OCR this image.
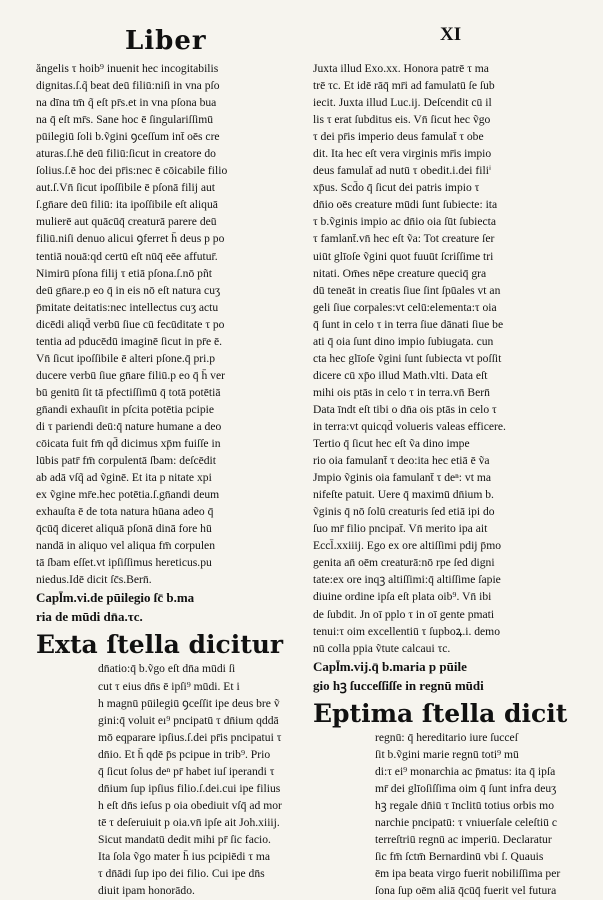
Liber	XI
ăngelis τ hoib⁹ inuenit hec incogitabilis
dignitas.ſ.q̃ beat deū filiū:niſi in vna pſo
na dīna tm̄ q̃ eſt pr̄s.et in vna pſona bua
na q̄ eſt mr̄s. Sane hoc ē ſingulariſſimū
pūilegiū ſoli b.ṽgini ꝯceſſum int̄ oēs cre
aturas.ſ.hē deū filiū:ſicut in creatore do
ſolius.ſ.ē hoc dei pr̄is:nec ē cōicabile filio
aut.ſ.Vn̄ ſicut ipoſſibile ē pſonā filij aut
ſ.gn̄are deū filiū: ita ipoſſibile eſt aliquā
mulierē aut quācūq̄ creaturā parere deū
filiū.niſi denuo alicui ꝯferret h̄ deus p po
tentiā nouā:qd certū eſt nūq̄ eēe affutur̄.
Nimirū pſona filij τ etiā pſona.ſ.nō pñt
deū gn̄are.p eo q̄ in eis nō eſt natura cuʒ
p̄mitate deitatis:nec intellectus cuʒ actu
dicēdi aliqd̄ verbū ſiue cū fecūditate τ po
tentia ad pducēdū imaginē ſicut in pr̄e ē.
Vn̄ ſicut ipoſſibile ē alteri pſone.q̄ pri.p
ducere verbū ſiue gn̄are filiū.p eo q̄ h̄ ver
bū genitū ſit tā pfectiſſimū q̄ totā potētiā
gn̄andi exhauſit in pſcita potētia pcipie
di τ pariendi deū:q̄ nature humane a deo
cōicata fuit fm̄ qd̄ dicimus xp̄m fuiſſe in
lūbis patr̄ fm̄ corpulentā ſbam: deſcēdit
ab adā vſq̃ ad ṽginē. Et ita p nitate xpi
ex ṽgine mr̄e.hec potētia.ſ.gn̄andi deum
exhauſta ē de tota natura hūana adeo q̄
q̄cūq̄ diceret aliquā pſonā dinā fore hū
nandā in aliquo vel aliqua fm̄ corpulen
tā ſbam eſſet.vt ipſiſſimus hereticus.pu
niedus.Idē dicit ſc̄s.Bern̄.
Capl̄m.vi.de pūilegio ſc̄ b.ma
ria de mūdi dn̄a.τc.
Exta ſtella dicitur
dn̄atio:q̄ b.ṽgo eſt dn̄a mūdi ſi
cut τ eius dn̄s ē ipſi⁹ mūdi. Et i
h magnū pūilegiū ꝯceſſit ipe deus bre ṽ
gini:q̄ voluit eı⁹ pncipatū τ dn̄ium qddā
mō eqparare ipſius.ſ.dei pr̄is pncipatui τ
dn̄io. Et h̄ qdē p̄s pcipue in trib⁹. Prio
q̄ ſicut ſolus deⁿ pr̄ habet iuſ iperandi τ
dn̄ium ſup ipſius filio.ſ.dei.cui ipe filius
h eſt dn̄s ieſus p oia obediuit vſq̄ ad mor
tē τ deſeruiuit p oia.vn̄ ipſe ait Joh.xiiij.
Sicut mandatū dedit mihi pr̄ ſic facio.
Ita ſola ṽgo mater h̄ ius pcipiēdi τ ma
τ dn̄ādi ſup ipo dei filio. Cui ipe dn̄s
diuit ipam honorādo.
Juxta illud Exo.xx. Honora patrē τ ma
trē τc. Et idē rāq̄ mr̄i ad famulatū ſe ſub
iecit. Juxta illud Luc.ij. Deſcendit cū il
lis τ erat ſubditus eis. Vn̄ ſicut hec ṽgo
τ dei pr̄is imperio deus famulat̄ τ obe
dit. Ita hec eſt vera virginis mr̄is impio
deus famulat̄ ad nutū τ obedit.i.dei filiⁱ
xp̄us. Scd̄o q̄ ſicut dei patris impio τ
dn̄io oēs creature mūdi ſunt ſubiecte: ita
τ b.ṽginis impio ac dn̄io oia ſūt ſubiecta
τ famlant̄.vn̄ hec eſt ṽa: Tot creature ſer
uiūt glīoſe ṽgini quot fuuūt ſcriſſime tri
nitati. Om̄es nēpe creature queciq̄ gra
dū teneāt in creatis ſiue ſint ſpūales vt an
geli ſiue corpales:vt celū:elementa:τ oia
q̄ ſunt in celo τ in terra ſiue dānati ſiue be
ati q̄ oia ſunt dino impio ſubiugata. cun
cta hec glīoſe ṽgini ſunt ſubiecta vt poſſit
dicere cū xp̄o illud Math.vlti. Data eſt
mihi ois ptās in celo τ in terra.vn̄ Bern̄
Data īndt eſt tibi o dn̄a ois ptās in celo τ
in terra:vt quicqd̄ volueris valeas efficere.
Tertio q̄ ſicut hec eſt ṽa dino impe
rio oia famulant̄ τ deo:ita hec etiā ē ṽa
Jmpio ṽginis oia famulant̄ τ deⁿ: vt ma
nifeſte patuit. Uere q̄ maximū dn̄ium b.
ṽginis q̄ nō ſolū creaturis ſed etiā ipi do
ſuo mr̄ filio pncipat̄. Vn̄ merito ipa ait
Eccl̄.xxiiij. Ego ex ore altiſſimi pdij p̄mo
genita an̄ oēm creaturā:nō rpe ſed digni
tate:ex ore inqꝫ altiſſimi:q̄ altiſſime ſapie
diuine ordine ipſa eſt plata oib⁹. Vn̄ ibi
de ſubdit. Jn oī pplo τ in oī gente pmati
tenui:τ oim excellentiū τ ſupboꝝ.i. demo
nū colla ppia ṽtute calcaui τc.
Capl̄m.vij.q̄ b.maria p pūile
gio hꝫ ſucceſſiſſe in regnū mūdi
Eptima ſtella dicit
regnū: q̄ hereditario iure ſucceſ
ſit b.ṽgini marie regnū toti⁹ mū
di:τ ei⁹ monarchia ac p̄matus: ita q̄ ipſa
mr̄ dei glīoſiſſima oim q̄ ſunt infra deuʒ
hꝫ regale dn̄iū τ īnclitū totius orbis mo
narchie pncipatū: τ vniuerſale celeſtiū c
terreſtriū regnū ac imperiū. Declaratur
ſic fm̄ ſctm̄ Bernardinū vbi ſ. Quauis
ēm ipa beata virgo fuerit nobiliſſima per
ſona ſup oēm aliā q̄cūq̄ fuerit vel futura
